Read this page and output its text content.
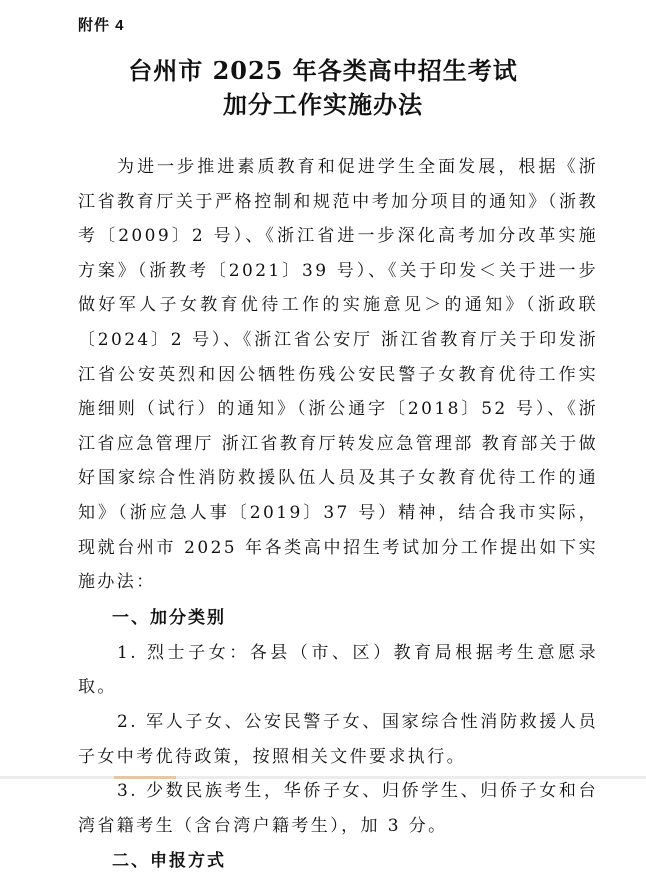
附件 4
台州市 2025 年各类高中招生考试
加分工作实施办法

为进一步推进素质教育和促进学生全面发展，根据《浙江省教育厅关于严格控制和规范中考加分项目的通知》（浙教考〔2009〕2 号）、《浙江省进一步深化高考加分改革实施方案》（浙教考〔2021〕39 号）、《关于印发＜关于进一步做好军人子女教育优待工作的实施意见＞的通知》（浙政联〔2024〕2 号）、《浙江省公安厅 浙江省教育厅关于印发浙江省公安英烈和因公牺牲伤残公安民警子女教育优待工作实施细则（试行）的通知》（浙公通字〔2018〕52 号）、《浙江省应急管理厅 浙江省教育厅转发应急管理部 教育部关于做好国家综合性消防救援队伍人员及其子女教育优待工作的通知》（浙应急人事〔2019〕37 号）精神，结合我市实际，现就台州市 2025 年各类高中招生考试加分工作提出如下实施办法：

一、加分类别

1. 烈士子女：各县（市、区）教育局根据考生意愿录取。

2. 军人子女、公安民警子女、国家综合性消防救援人员子女中考优待政策，按照相关文件要求执行。

3. 少数民族考生，华侨子女、归侨学生、归侨子女和台湾省籍考生（含台湾户籍考生），加 3 分。

二、申报方式
